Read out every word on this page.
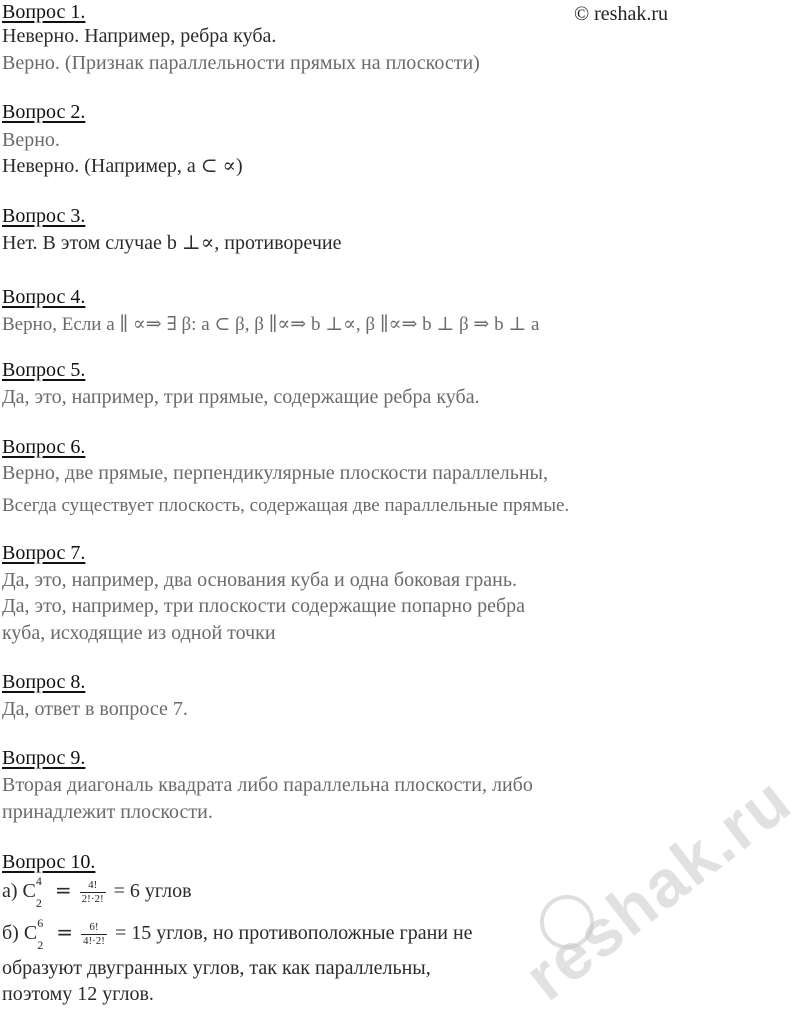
© reshak.ru
reshak.ru
Вопрос 1.
Неверно. Например, ребра куба.
Верно. (Признак параллельности прямых на плоскости)
Вопрос 2.
Верно.
Неверно. (Например, a ⊂ ∝)
Вопрос 3.
Нет. В этом случае b ⊥∝, противоречие
Вопрос 4.
Верно, Если a ∥ ∝⇒ ∃ β: a ⊂ β, β ∥∝⇒ b ⊥∝, β ∥∝⇒ b ⊥ β ⇒ b ⊥ a
Вопрос 5.
Да, это, например, три прямые, содержащие ребра куба.
Вопрос 6.
Верно, две прямые, перпендикулярные плоскости параллельны,
Всегда существует плоскость, содержащая две параллельные прямые.
Вопрос 7.
Да, это, например, два основания куба и одна боковая грань.
Да, это, например, три плоскости содержащие попарно ребра
куба, исходящие из одной точки
Вопрос 8.
Да, ответ в вопросе 7.
Вопрос 9.
Вторая диагональ квадрата либо параллельна плоскости, либо
принадлежит плоскости.
Вопрос 10.
а) C 4
2
= $\frac{4!}{2!\cdot 2!} = 6$ углов
б) C 6
2
= $\frac{6!}{4!\cdot 2!} = 15$ углов, но противоположные грани не
образуют двугранных углов, так как параллельны,
поэтому 12 углов.
